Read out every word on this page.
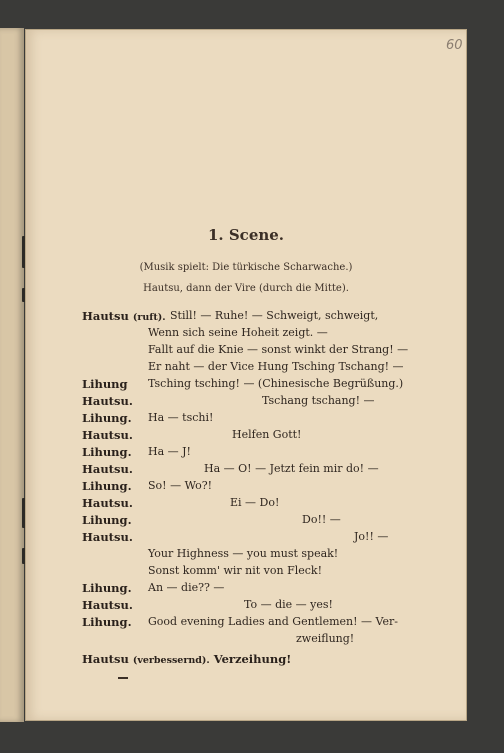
60
1. Scene.
(Musik spielt: Die türkische Scharwache.)
Hautsu, dann der Vire (durch die Mitte).
Hautsu (ruft). Still! — Ruhe! — Schweigt, schweigt,
Wenn sich seine Hoheit zeigt. —
Fallt auf die Knie — sonst winkt der Strang! —
Er naht — der Vice Hung Tsching Tschang! —
Lihung Tsching tsching! — (Chinesische Begrüßung.)
Hautsu.	Tschang tschang! —
Lihung. Ha — tschi!
Hautsu.	Helfen Gott!
Lihung. Ha — J!
Hautsu.	Ha — O! — Jetzt fein mir do! —
Lihung. So! — Wo?!
Hautsu.	Ei — Do!
Lihung.	Do!! —
Hautsu.	Jo!! —
Your Highness — you must speak!
Sonst komm' wir nit von Fleck!
Lihung. An — die?? —
Hautsu.	To — die — yes!
Lihung. Good evening Ladies and Gentlemen! — Ver-
zweiflung!
Hautsu (verbessernd). Verzeihung!
